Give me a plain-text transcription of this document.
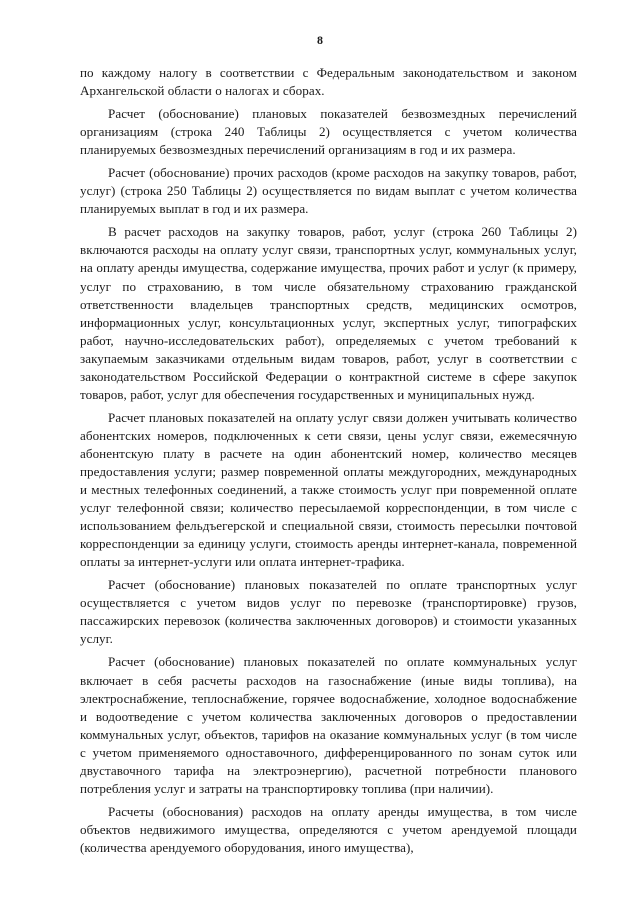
8

по каждому налогу в соответствии с Федеральным законодательством и законом Архангельской области о налогах и сборах.

Расчет (обоснование) плановых показателей безвозмездных перечислений организациям (строка 240 Таблицы 2) осуществляется с учетом количества планируемых безвозмездных перечислений организациям в год и их размера.

Расчет (обоснование) прочих расходов (кроме расходов на закупку товаров, работ, услуг) (строка 250 Таблицы 2) осуществляется по видам выплат с учетом количества планируемых выплат в год и их размера.

В расчет расходов на закупку товаров, работ, услуг (строка 260 Таблицы 2) включаются расходы на оплату услуг связи, транспортных услуг, коммунальных услуг, на оплату аренды имущества, содержание имущества, прочих работ и услуг (к примеру, услуг по страхованию, в том числе обязательному страхованию гражданской ответственности владельцев транспортных средств, медицинских осмотров, информационных услуг, консультационных услуг, экспертных услуг, типографских работ, научно-исследовательских работ), определяемых с учетом требований к закупаемым заказчиками отдельным видам товаров, работ, услуг в соответствии с законодательством Российской Федерации о контрактной системе в сфере закупок товаров, работ, услуг для обеспечения государственных и муниципальных нужд.

Расчет плановых показателей на оплату услуг связи должен учитывать количество абонентских номеров, подключенных к сети связи, цены услуг связи, ежемесячную абонентскую плату в расчете на один абонентский номер, количество месяцев предоставления услуги; размер повременной оплаты междугородних, международных и местных телефонных соединений, а также стоимость услуг при повременной оплате услуг телефонной связи; количество пересылаемой корреспонденции, в том числе с использованием фельдъегерской и специальной связи, стоимость пересылки почтовой корреспонденции за единицу услуги, стоимость аренды интернет-канала, повременной оплаты за интернет-услуги или оплата интернет-трафика.

Расчет (обоснование) плановых показателей по оплате транспортных услуг осуществляется с учетом видов услуг по перевозке (транспортировке) грузов, пассажирских перевозок (количества заключенных договоров) и стоимости указанных услуг.

Расчет (обоснование) плановых показателей по оплате коммунальных услуг включает в себя расчеты расходов на газоснабжение (иные виды топлива), на электроснабжение, теплоснабжение, горячее водоснабжение, холодное водоснабжение и водоотведение с учетом количества заключенных договоров о предоставлении коммунальных услуг, объектов, тарифов на оказание коммунальных услуг (в том числе с учетом применяемого одноставочного, дифференцированного по зонам суток или двуставочного тарифа на электроэнергию), расчетной потребности планового потребления услуг и затраты на транспортировку топлива (при наличии).

Расчеты (обоснования) расходов на оплату аренды имущества, в том числе объектов недвижимого имущества, определяются с учетом арендуемой площади (количества арендуемого оборудования, иного имущества),
